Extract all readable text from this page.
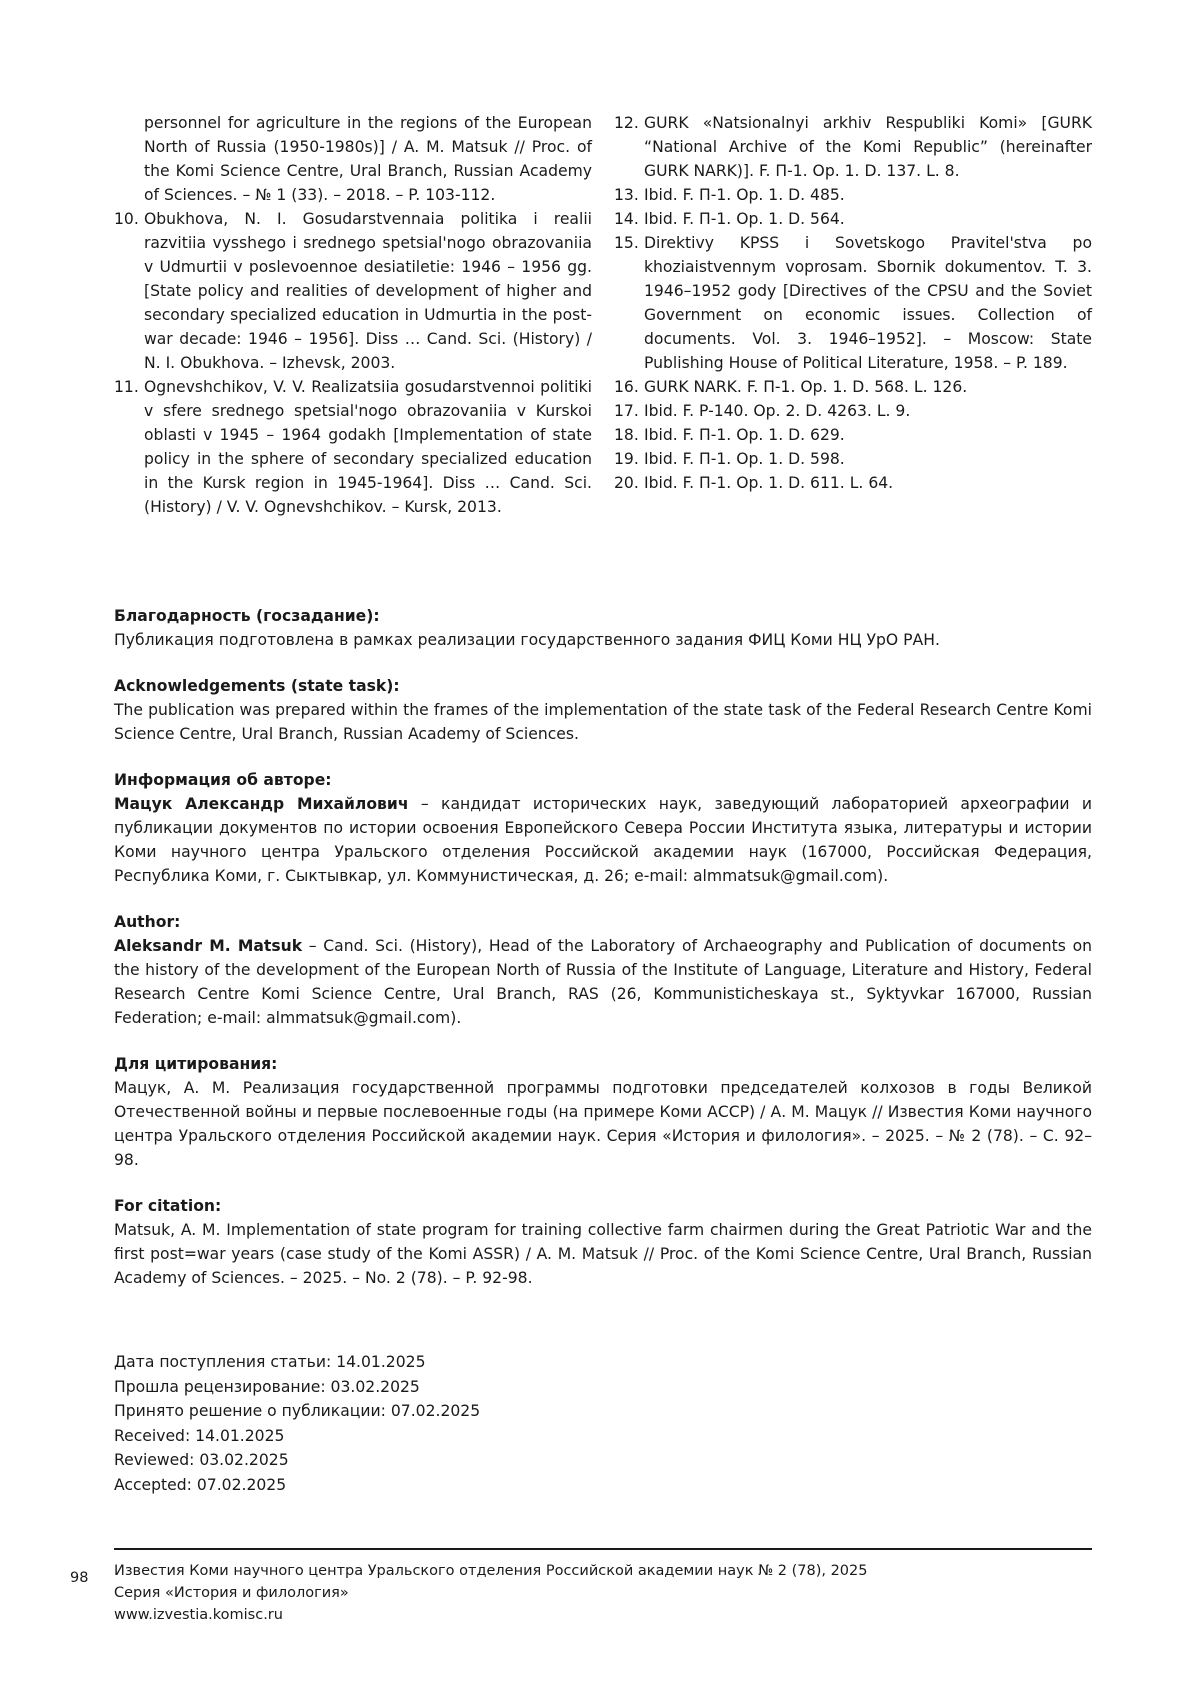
personnel for agriculture in the regions of the European North of Russia (1950-1980s)] / A. M. Matsuk // Proc. of the Komi Science Centre, Ural Branch, Russian Academy of Sciences. – № 1 (33). – 2018. – P. 103-112.
10. Obukhova, N. I. Gosudarstvennaia politika i realii razvitiia vysshego i srednego spetsial'nogo obrazovaniia v Udmurtii v poslevoennoe desiatiletie: 1946 – 1956 gg. [State policy and realities of development of higher and secondary specialized education in Udmurtia in the post-war decade: 1946 – 1956]. Diss … Cand. Sci. (History) / N. I. Obukhova. – Izhevsk, 2003.
11. Ognevshchikov, V. V. Realizatsiia gosudarstvennoi politiki v sfere srednego spetsial'nogo obrazovaniia v Kurskoi oblasti v 1945 – 1964 godakh [Implementation of state policy in the sphere of secondary specialized education in the Kursk region in 1945-1964]. Diss … Cand. Sci. (History) / V. V. Ognevshchikov. – Kursk, 2013.
12. GURK «Natsionalnyi arkhiv Respubliki Komi» [GURK “National Archive of the Komi Republic” (hereinafter GURK NARK)]. F. П-1. Op. 1. D. 137. L. 8.
13. Ibid. F. П-1. Op. 1. D. 485.
14. Ibid. F. П-1. Op. 1. D. 564.
15. Direktivy KPSS i Sovetskogo Pravitel'stva po khoziaistvennym voprosam. Sbornik dokumentov. T. 3. 1946–1952 gody [Directives of the CPSU and the Soviet Government on economic issues. Collection of documents. Vol. 3. 1946–1952]. – Moscow: State Publishing House of Political Literature, 1958. – P. 189.
16. GURK NARK. F. П-1. Op. 1. D. 568. L. 126.
17. Ibid. F. P-140. Op. 2. D. 4263. L. 9.
18. Ibid. F. П-1. Op. 1. D. 629.
19. Ibid. F. П-1. Op. 1. D. 598.
20. Ibid. F. П-1. Op. 1. D. 611. L. 64.

Благодарность (госзадание):

Публикация подготовлена в рамках реализации государственного задания ФИЦ Коми НЦ УрО РАН.

Acknowledgements (state task):

The publication was prepared within the frames of the implementation of the state task of the Federal Research Centre Komi Science Centre, Ural Branch, Russian Academy of Sciences.

Информация об авторе:

Мацук Александр Михайлович – кандидат исторических наук, заведующий лабораторией археографии и публикации документов по истории освоения Европейского Севера России Института языка, литературы и истории Коми научного центра Уральского отделения Российской академии наук (167000, Российская Федерация, Республика Коми, г. Сыктывкар, ул. Коммунистическая, д. 26; e-mail: almmatsuk@gmail.com).

Author:

Aleksandr M. Matsuk – Cand. Sci. (History), Head of the Laboratory of Archaeography and Publication of documents on the history of the development of the European North of Russia of the Institute of Language, Literature and History, Federal Research Centre Komi Science Centre, Ural Branch, RAS (26, Kommunisticheskaya st., Syktyvkar 167000, Russian Federation; e-mail: almmatsuk@gmail.com).

Для цитирования:

Мацук, А. М. Реализация государственной программы подготовки председателей колхозов в годы Великой Отечественной войны и первые послевоенные годы (на примере Коми АССР) / А. М. Мацук // Известия Коми научного центра Уральского отделения Российской академии наук. Серия «История и филология». – 2025. – № 2 (78). – С. 92–98.

For citation:

Matsuk, A. M. Implementation of state program for training collective farm chairmen during the Great Patriotic War and the first post=war years (case study of the Komi ASSR) / A. M. Matsuk // Proc. of the Komi Science Centre, Ural Branch, Russian Academy of Sciences. – 2025. – No. 2 (78). – P. 92-98.

Дата поступления статьи: 14.01.2025
Прошла рецензирование: 03.02.2025
Принято решение о публикации: 07.02.2025
Received: 14.01.2025
Reviewed: 03.02.2025
Accepted: 07.02.2025
98 Известия Коми научного центра Уральского отделения Российской академии наук № 2 (78), 2025
Серия «История и филология»
www.izvestia.komisc.ru
